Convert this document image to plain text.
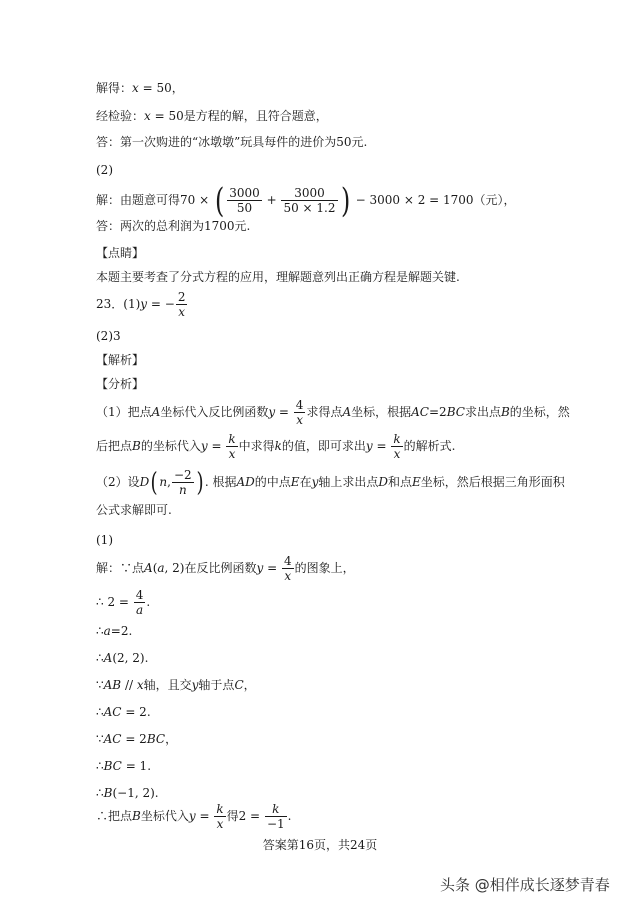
解得：x = 50，
经检验：x = 50是方程的解，且符合题意，
答：第一次购进的“冰墩墩”玩具每件的进价为50元.
(2)
解：由题意可得70 × ( $\frac{3000}{50} + \frac{3000}{50 \times 1.2}$ ) − 3000 × 2 = 1700（元），
答：两次的总利润为1700元.
【点睛】
本题主要考查了分式方程的应用，理解题意列出正确方程是解题关键.
23．(1)y = − $\frac{2}{x}$
(2)3
【解析】
【分析】
（1）把点A坐标代入反比例函数$y = \frac{4}{x}$ 求得点A坐标，根据AC=2BC求出点B的坐标，然
后把点B的坐标代入$y = \frac{k}{x}$ 中求得k的值，即可求出$y = \frac{k}{x}$ 的解析式.
（2）设D( n, $\frac{-2}{n}$ ) . 根据AD的中点E在y轴上求出点D和点E坐标，然后根据三角形面积
公式求解即可.
(1)
解：∵点A(a, 2)在反比例函数$y = \frac{4}{x}$ 的图象上，
∴ $2 = \frac{4}{a}$ .
∴a=2.
∴A(2, 2).
∵AB // x轴，且交y轴于点C，
∴AC = 2.
∵AC = 2BC，
∴BC = 1.
∴B(−1, 2).
∴把点B坐标代入$y = \frac{k}{x}$ 得$2 = \frac{k}{-1}$ .
答案第16页，共24页
头条 @相伴成长逐梦青春
